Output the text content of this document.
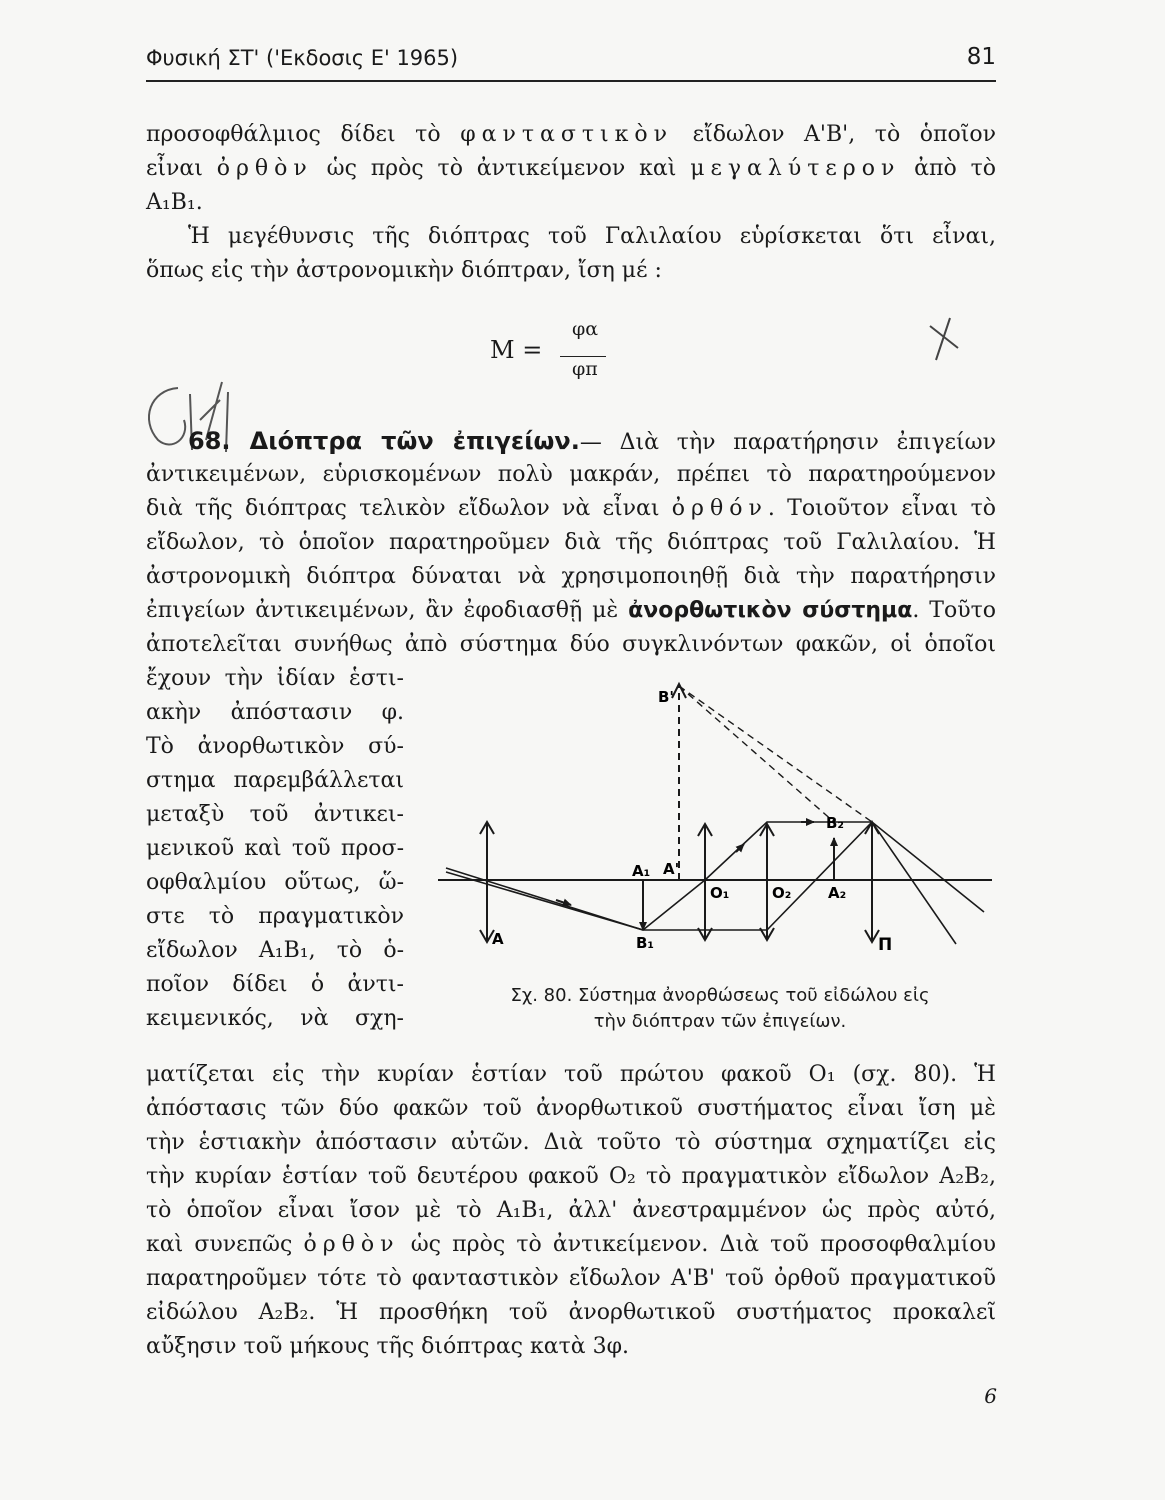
Φυσική ΣΤ' ('Εκδοσις Ε' 1965)	81
προσοφθάλμιος δίδει τὸ φανταστικὸν εἴδωλον Α'Β', τὸ ὁποῖον
εἶναι ὀρθὸν ὡς πρὸς τὸ ἀντικείμενον καὶ μεγαλύτερον ἀπὸ τὸ
Α₁Β₁.
Ἡ μεγέθυνσις τῆς διόπτρας τοῦ Γαλιλαίου εὑρίσκεται ὅτι εἶναι,
ὅπως εἰς τὴν ἀστρονομικὴν διόπτραν, ἴση μέ :
M =
φα
φπ
68. Διόπτρα τῶν ἐπιγείων.— Διὰ τὴν παρατήρησιν ἐπιγείων
ἀντικειμένων, εὑρισκομένων πολὺ μακράν, πρέπει τὸ παρατηρούμενον
διὰ τῆς διόπτρας τελικὸν εἴδωλον νὰ εἶναι ὀρθόν. Τοιοῦτον εἶναι τὸ
εἴδωλον, τὸ ὁποῖον παρατηροῦμεν διὰ τῆς διόπτρας τοῦ Γαλιλαίου. Ἡ
ἀστρονομικὴ διόπτρα δύναται νὰ χρησιμοποιηθῇ διὰ τὴν παρατήρησιν
ἐπιγείων ἀντικειμένων, ἂν ἐφοδιασθῇ μὲ ἀνορθωτικὸν σύστημα. Τοῦτο
ἀποτελεῖται συνήθως ἀπὸ σύστημα δύο συγκλινόντων φακῶν, οἱ ὁποῖοι
ἔχουν τὴν ἰδίαν ἑστι-
ακὴν ἀπόστασιν φ.
Τὸ ἀνορθωτικὸν σύ-
στημα παρεμβάλλεται
μεταξὺ τοῦ ἀντικει-
μενικοῦ καὶ τοῦ προσ-
οφθαλμίου οὕτως, ὥ-
στε τὸ πραγματικὸν
εἴδωλον Α₁Β₁, τὸ ὁ-
ποῖον δίδει ὁ ἀντι-
κειμενικός, νὰ σχη-
B'
A'
A₁
B₁
O₁	O₂ A₂
B₂
A	Π
Σχ. 80. Σύστημα ἀνορθώσεως τοῦ εἰδώλου εἰς
τὴν διόπτραν τῶν ἐπιγείων.
ματίζεται εἰς τὴν κυρίαν ἑστίαν τοῦ πρώτου φακοῦ Ο₁ (σχ. 80). Ἡ
ἀπόστασις τῶν δύο φακῶν τοῦ ἀνορθωτικοῦ συστήματος εἶναι ἴση μὲ
τὴν ἑστιακὴν ἀπόστασιν αὐτῶν. Διὰ τοῦτο τὸ σύστημα σχηματίζει εἰς
τὴν κυρίαν ἑστίαν τοῦ δευτέρου φακοῦ Ο₂ τὸ πραγματικὸν εἴδωλον Α₂Β₂,
τὸ ὁποῖον εἶναι ἴσον μὲ τὸ Α₁Β₁, ἀλλ' ἀνεστραμμένον ὡς πρὸς αὐτό,
καὶ συνεπῶς ὀρθὸν ὡς πρὸς τὸ ἀντικείμενον. Διὰ τοῦ προσοφθαλμίου
παρατηροῦμεν τότε τὸ φανταστικὸν εἴδωλον Α'Β' τοῦ ὀρθοῦ πραγματικοῦ
εἰδώλου Α₂Β₂. Ἡ προσθήκη τοῦ ἀνορθωτικοῦ συστήματος προκαλεῖ
αὔξησιν τοῦ μήκους τῆς διόπτρας κατὰ 3φ.
6
